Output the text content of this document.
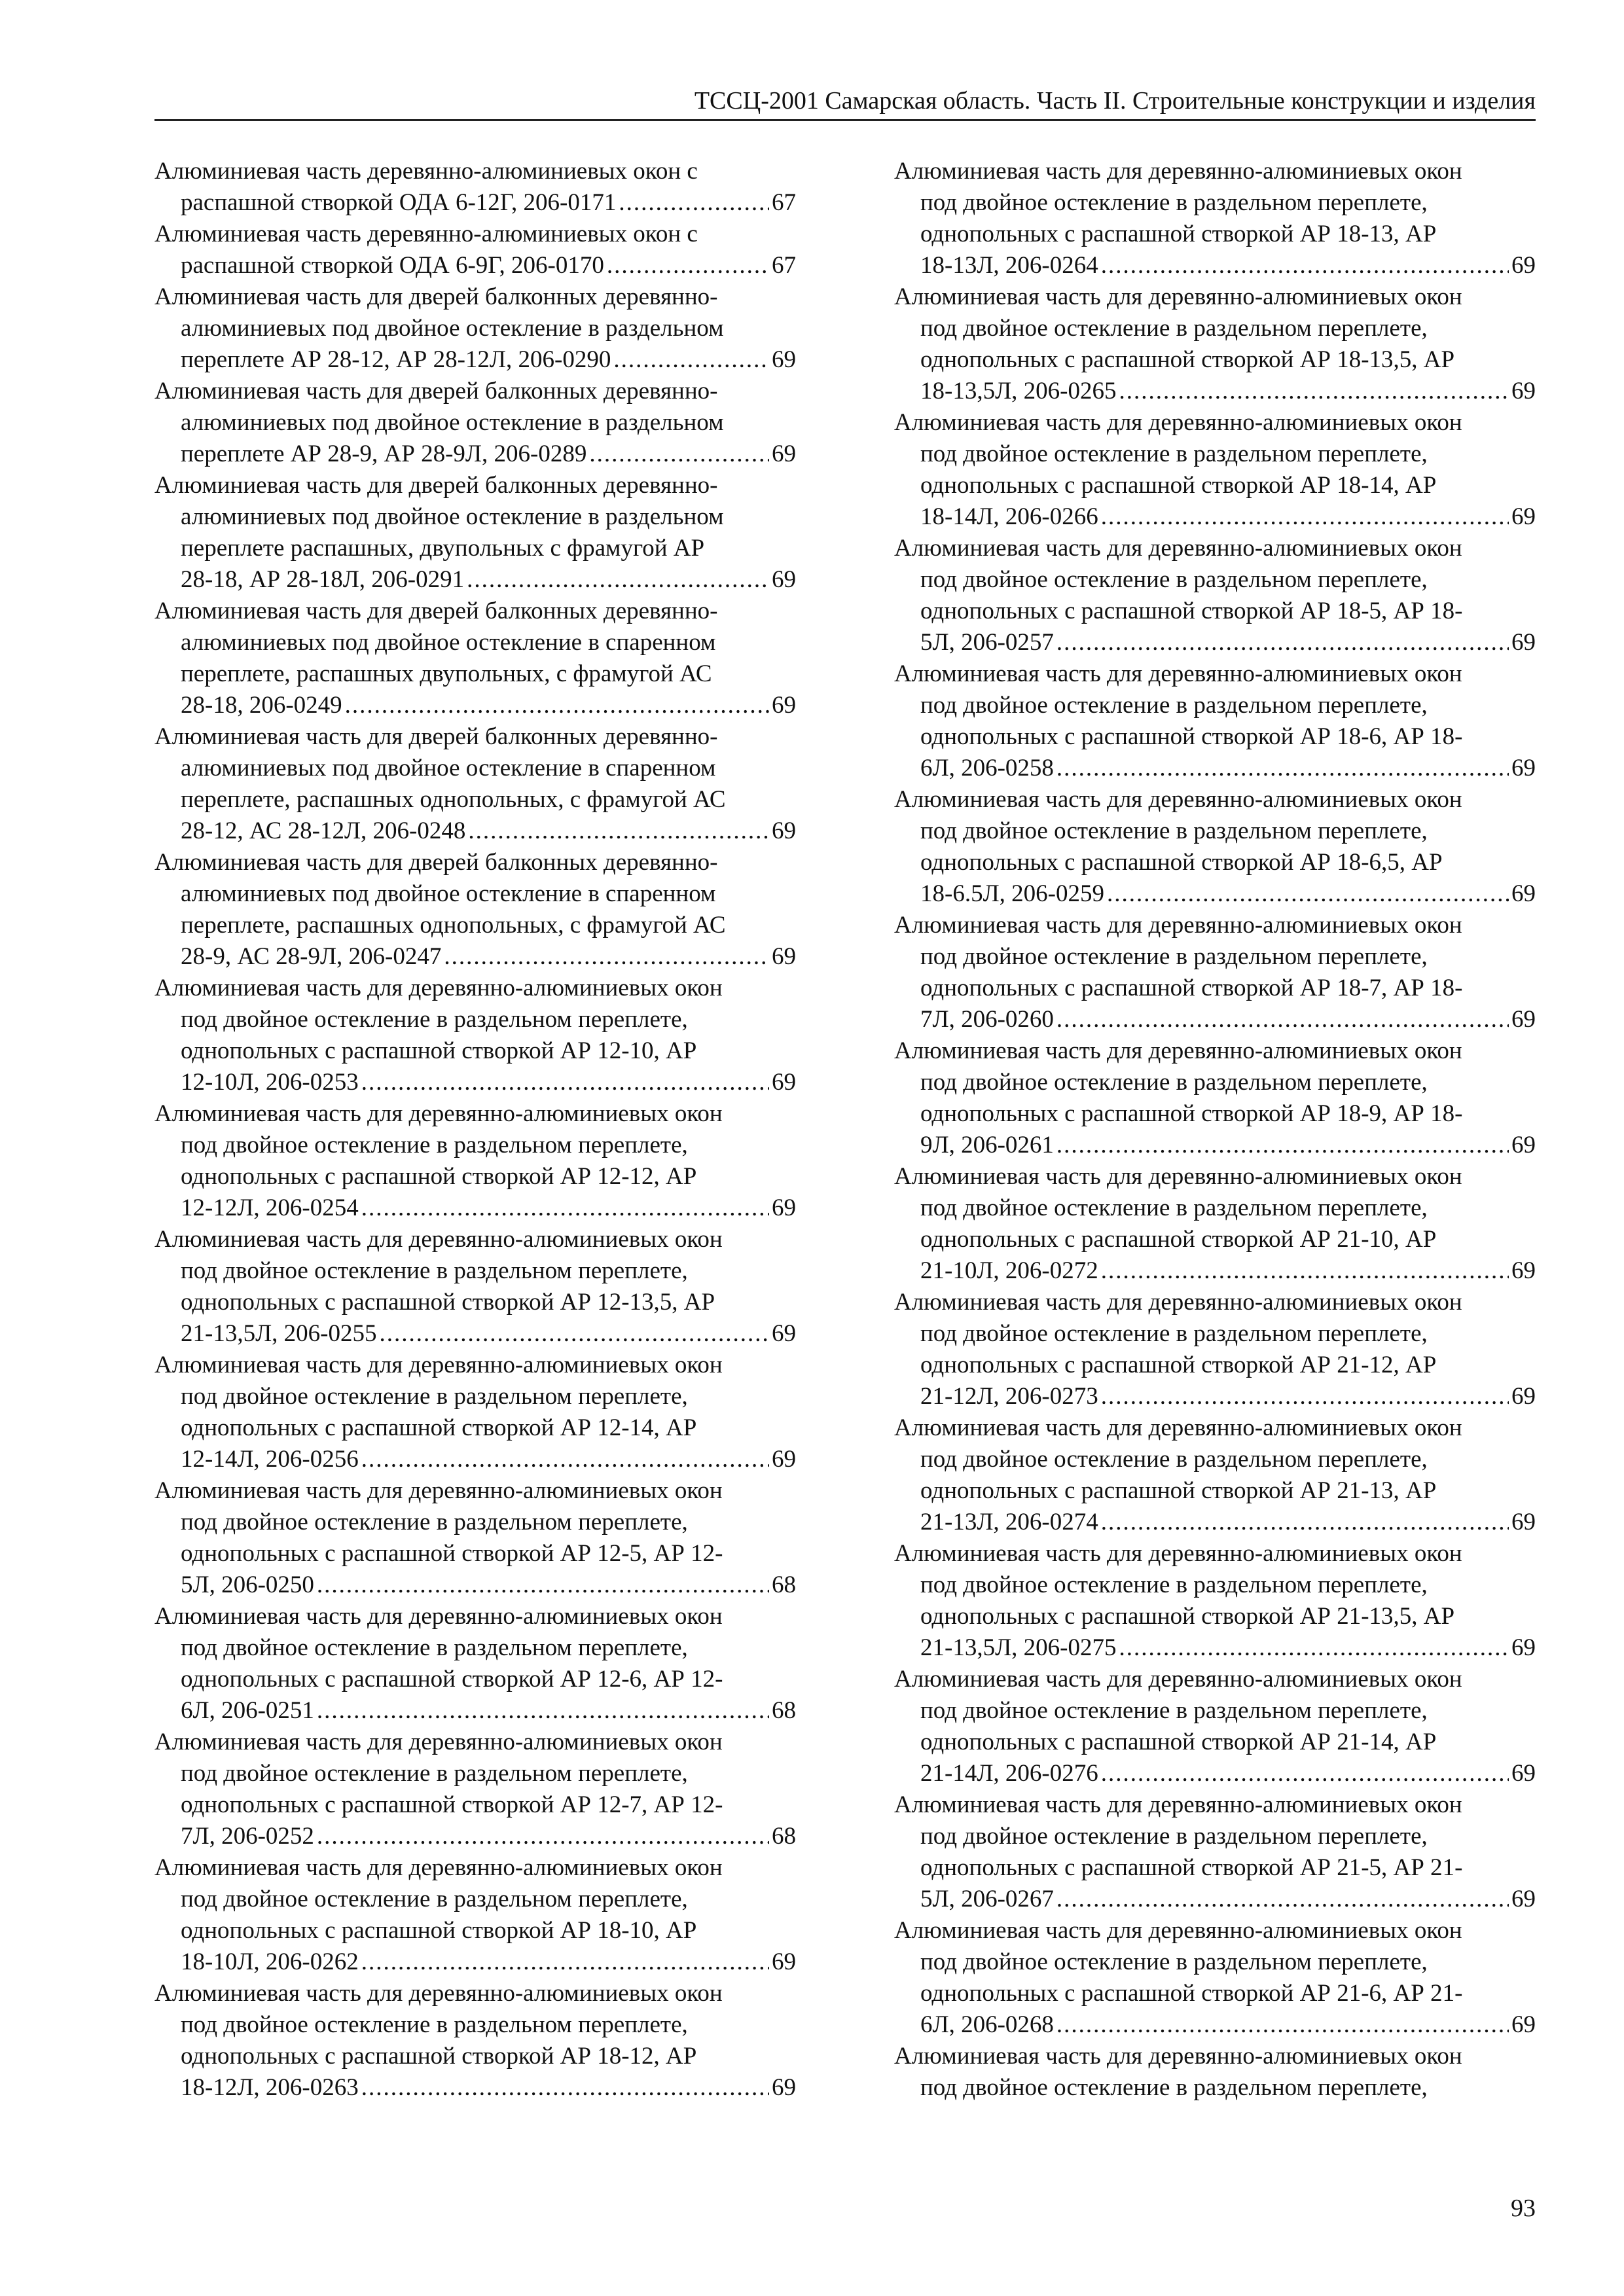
ТССЦ-2001 Самарская область. Часть II. Строительные конструкции и изделия
Алюминиевая часть деревянно-алюминиевых окон с
распашной створкой ОДА 6-12Г, 206-0171 .....	67
Алюминиевая часть деревянно-алюминиевых окон с
распашной створкой ОДА 6-9Г, 206-0170 .....	67
Алюминиевая часть для дверей балконных деревянно-
алюминиевых под двойное остекление в раздельном
переплете АР 28-12, АР 28-12Л, 206-0290 .....	69
Алюминиевая часть для дверей балконных деревянно-
алюминиевых под двойное остекление в раздельном
переплете АР 28-9, АР 28-9Л, 206-0289 .....	69
Алюминиевая часть для дверей балконных деревянно-
алюминиевых под двойное остекление в раздельном
переплете распашных, двупольных с фрамугой АР
28-18, АР 28-18Л, 206-0291 .....	69
Алюминиевая часть для дверей балконных деревянно-
алюминиевых под двойное остекление в спаренном
переплете, распашных двупольных, с фрамугой АС
28-18, 206-0249 .....	69
Алюминиевая часть для дверей балконных деревянно-
алюминиевых под двойное остекление в спаренном
переплете, распашных однопольных, с фрамугой АС
28-12, АС 28-12Л, 206-0248 .....	69
Алюминиевая часть для дверей балконных деревянно-
алюминиевых под двойное остекление в спаренном
переплете, распашных однопольных, с фрамугой АС
28-9, АС 28-9Л, 206-0247 .....	69
Алюминиевая часть для деревянно-алюминиевых окон
под двойное остекление в раздельном переплете,
однопольных с распашной створкой АР 12-10, АР
12-10Л, 206-0253 .....	69
Алюминиевая часть для деревянно-алюминиевых окон
под двойное остекление в раздельном переплете,
однопольных с распашной створкой АР 12-12, АР
12-12Л, 206-0254 .....	69
Алюминиевая часть для деревянно-алюминиевых окон
под двойное остекление в раздельном переплете,
однопольных с распашной створкой АР 12-13,5, АР
21-13,5Л, 206-0255 .....	69
Алюминиевая часть для деревянно-алюминиевых окон
под двойное остекление в раздельном переплете,
однопольных с распашной створкой АР 12-14, АР
12-14Л, 206-0256 .....	69
Алюминиевая часть для деревянно-алюминиевых окон
под двойное остекление в раздельном переплете,
однопольных с распашной створкой АР 12-5, АР 12-
5Л, 206-0250 .....	68
Алюминиевая часть для деревянно-алюминиевых окон
под двойное остекление в раздельном переплете,
однопольных с распашной створкой АР 12-6, АР 12-
6Л, 206-0251 .....	68
Алюминиевая часть для деревянно-алюминиевых окон
под двойное остекление в раздельном переплете,
однопольных с распашной створкой АР 12-7, АР 12-
7Л, 206-0252 .....	68
Алюминиевая часть для деревянно-алюминиевых окон
под двойное остекление в раздельном переплете,
однопольных с распашной створкой АР 18-10, АР
18-10Л, 206-0262 .....	69
Алюминиевая часть для деревянно-алюминиевых окон
под двойное остекление в раздельном переплете,
однопольных с распашной створкой АР 18-12, АР
18-12Л, 206-0263 .....	69
Алюминиевая часть для деревянно-алюминиевых окон
под двойное остекление в раздельном переплете,
однопольных с распашной створкой АР 18-13, АР
18-13Л, 206-0264 .....	69
Алюминиевая часть для деревянно-алюминиевых окон
под двойное остекление в раздельном переплете,
однопольных с распашной створкой АР 18-13,5, АР
18-13,5Л, 206-0265 .....	69
Алюминиевая часть для деревянно-алюминиевых окон
под двойное остекление в раздельном переплете,
однопольных с распашной створкой АР 18-14, АР
18-14Л, 206-0266 .....	69
Алюминиевая часть для деревянно-алюминиевых окон
под двойное остекление в раздельном переплете,
однопольных с распашной створкой АР 18-5, АР 18-
5Л, 206-0257 .....	69
Алюминиевая часть для деревянно-алюминиевых окон
под двойное остекление в раздельном переплете,
однопольных с распашной створкой АР 18-6, АР 18-
6Л, 206-0258 .....	69
Алюминиевая часть для деревянно-алюминиевых окон
под двойное остекление в раздельном переплете,
однопольных с распашной створкой АР 18-6,5, АР
18-6.5Л, 206-0259 .....	69
Алюминиевая часть для деревянно-алюминиевых окон
под двойное остекление в раздельном переплете,
однопольных с распашной створкой АР 18-7, АР 18-
7Л, 206-0260 .....	69
Алюминиевая часть для деревянно-алюминиевых окон
под двойное остекление в раздельном переплете,
однопольных с распашной створкой АР 18-9, АР 18-
9Л, 206-0261 .....	69
Алюминиевая часть для деревянно-алюминиевых окон
под двойное остекление в раздельном переплете,
однопольных с распашной створкой АР 21-10, АР
21-10Л, 206-0272 .....	69
Алюминиевая часть для деревянно-алюминиевых окон
под двойное остекление в раздельном переплете,
однопольных с распашной створкой АР 21-12, АР
21-12Л, 206-0273 .....	69
Алюминиевая часть для деревянно-алюминиевых окон
под двойное остекление в раздельном переплете,
однопольных с распашной створкой АР 21-13, АР
21-13Л, 206-0274 .....	69
Алюминиевая часть для деревянно-алюминиевых окон
под двойное остекление в раздельном переплете,
однопольных с распашной створкой АР 21-13,5, АР
21-13,5Л, 206-0275 .....	69
Алюминиевая часть для деревянно-алюминиевых окон
под двойное остекление в раздельном переплете,
однопольных с распашной створкой АР 21-14, АР
21-14Л, 206-0276 .....	69
Алюминиевая часть для деревянно-алюминиевых окон
под двойное остекление в раздельном переплете,
однопольных с распашной створкой АР 21-5, АР 21-
5Л, 206-0267 .....	69
Алюминиевая часть для деревянно-алюминиевых окон
под двойное остекление в раздельном переплете,
однопольных с распашной створкой АР 21-6, АР 21-
6Л, 206-0268 .....	69
Алюминиевая часть для деревянно-алюминиевых окон
под двойное остекление в раздельном переплете,
93
